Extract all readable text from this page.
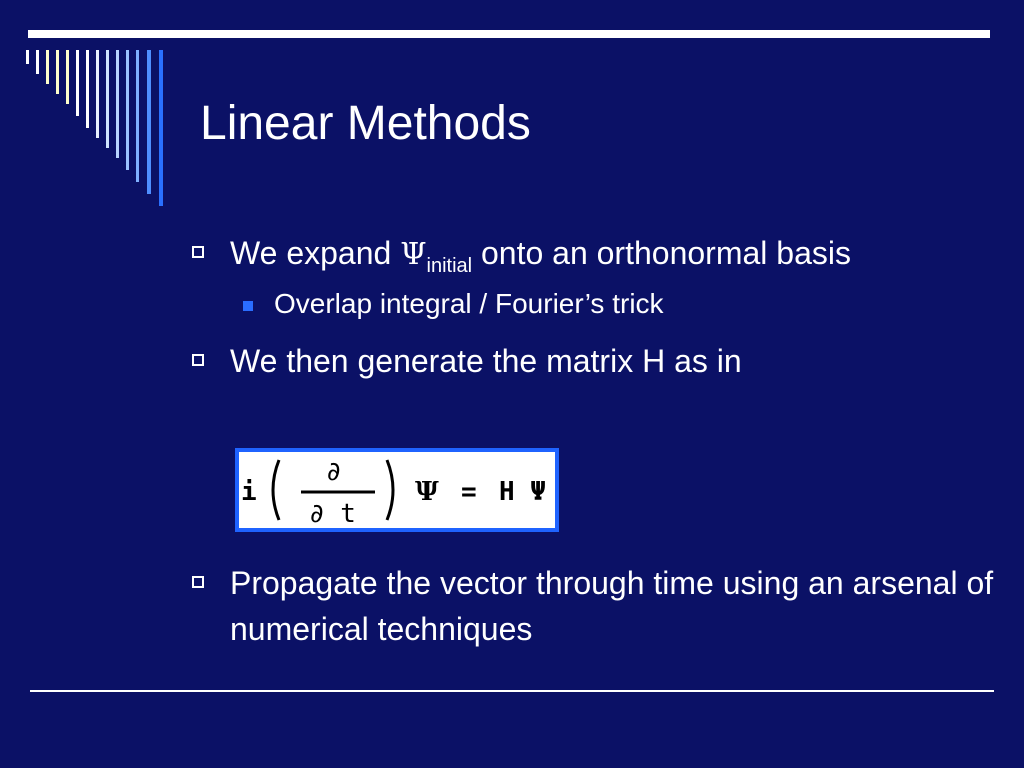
Linear Methods
We expand $\Psi_{initial}$ onto an orthonormal basis
Overlap integral / Fourier’s trick
We then generate the matrix H as in
i
∂
∂ t
Ψ = H Ψ
Propagate the vector through time using an arsenal of numerical techniques
